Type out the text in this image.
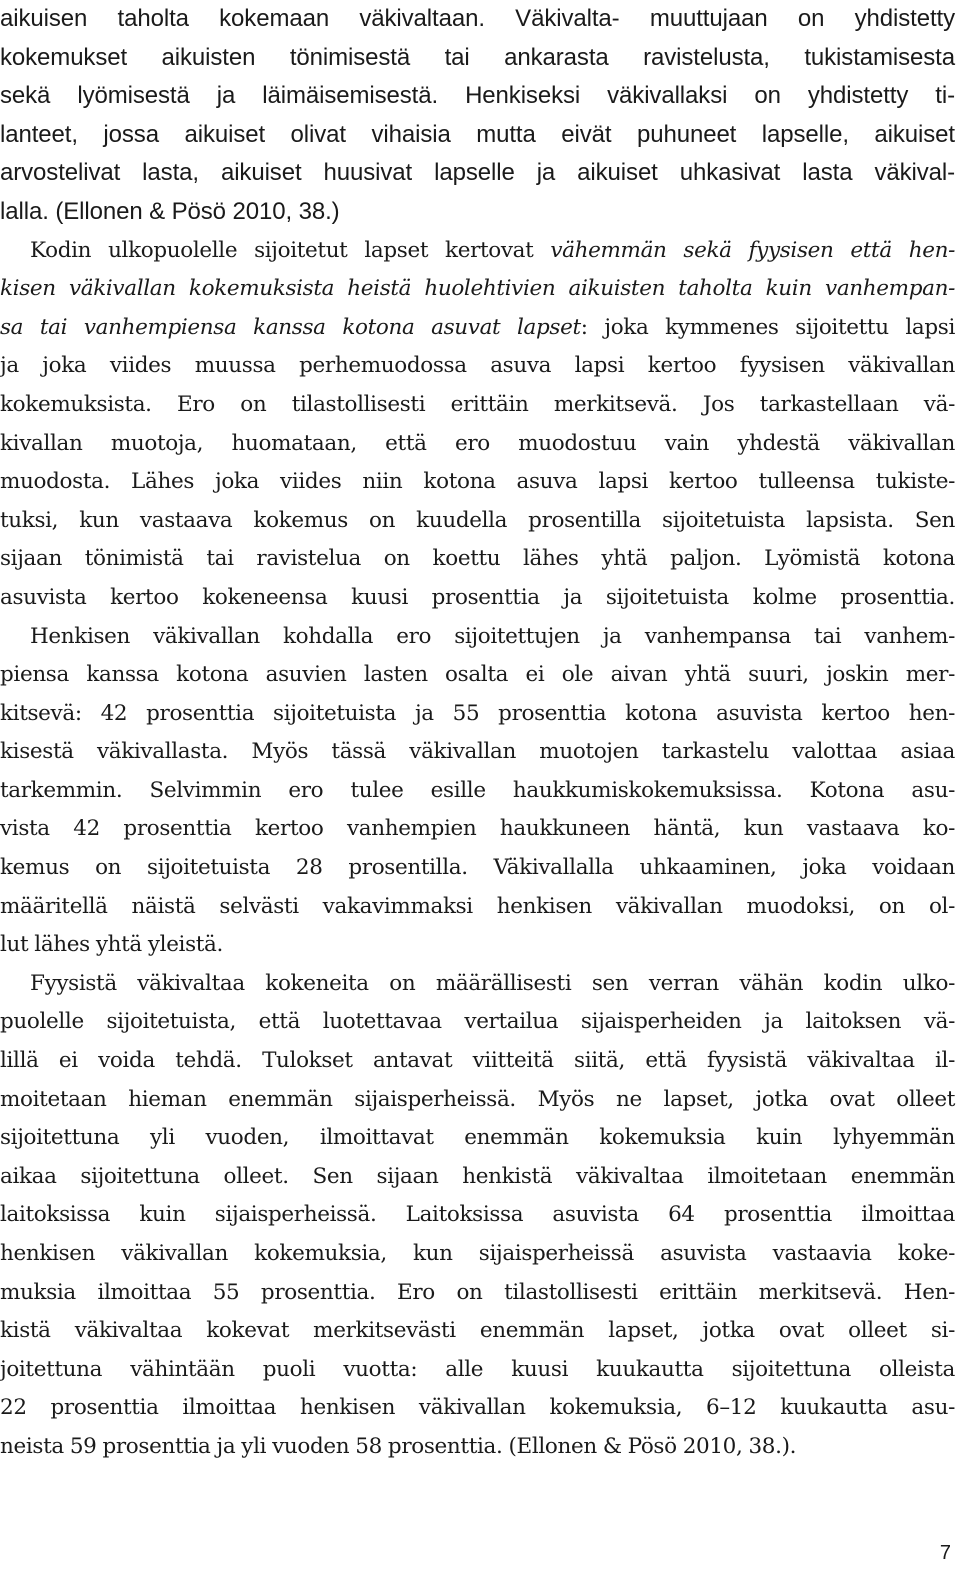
aikuisen taholta kokemaan väkivaltaan. Väkivalta- muuttujaan on yhdistetty
kokemukset aikuisten tönimisestä tai ankarasta ravistelusta, tukistamisesta
sekä lyömisestä ja läimäisemisestä. Henkiseksi väkivallaksi on yhdistetty ti-
lanteet, jossa aikuiset olivat vihaisia mutta eivät puhuneet lapselle, aikuiset
arvostelivat lasta, aikuiset huusivat lapselle ja aikuiset uhkasivat lasta väkival-
lalla. (Ellonen & Pösö 2010, 38.)
Kodin ulkopuolelle sijoitetut lapset kertovat vähemmän sekä fyysisen että hen-
kisen väkivallan kokemuksista heistä huolehtivien aikuisten taholta kuin vanhempan-
sa tai vanhempiensa kanssa kotona asuvat lapset: joka kymmenes sijoitettu lapsi
ja joka viides muussa perhemuodossa asuva lapsi kertoo fyysisen väkivallan
kokemuksista. Ero on tilastollisesti erittäin merkitsevä. Jos tarkastellaan vä-
kivallan muotoja, huomataan, että ero muodostuu vain yhdestä väkivallan
muodosta. Lähes joka viides niin kotona asuva lapsi kertoo tulleensa tukiste-
tuksi, kun vastaava kokemus on kuudella prosentilla sijoitetuista lapsista. Sen
sijaan tönimistä tai ravistelua on koettu lähes yhtä paljon. Lyömistä kotona
asuvista kertoo kokeneensa kuusi prosenttia ja sijoitetuista kolme prosenttia.
Henkisen väkivallan kohdalla ero sijoitettujen ja vanhempansa tai vanhem-
piensa kanssa kotona asuvien lasten osalta ei ole aivan yhtä suuri, joskin mer-
kitsevä: 42 prosenttia sijoitetuista ja 55 prosenttia kotona asuvista kertoo hen-
kisestä väkivallasta. Myös tässä väkivallan muotojen tarkastelu valottaa asiaa
tarkemmin. Selvimmin ero tulee esille haukkumiskokemuksissa. Kotona asu-
vista 42 prosenttia kertoo vanhempien haukkuneen häntä, kun vastaava ko-
kemus on sijoitetuista 28 prosentilla. Väkivallalla uhkaaminen, joka voidaan
määritellä näistä selvästi vakavimmaksi henkisen väkivallan muodoksi, on ol-
lut lähes yhtä yleistä.
Fyysistä väkivaltaa kokeneita on määrällisesti sen verran vähän kodin ulko-
puolelle sijoitetuista, että luotettavaa vertailua sijaisperheiden ja laitoksen vä-
lillä ei voida tehdä. Tulokset antavat viitteitä siitä, että fyysistä väkivaltaa il-
moitetaan hieman enemmän sijaisperheissä. Myös ne lapset, jotka ovat olleet
sijoitettuna yli vuoden, ilmoittavat enemmän kokemuksia kuin lyhyemmän
aikaa sijoitettuna olleet. Sen sijaan henkistä väkivaltaa ilmoitetaan enemmän
laitoksissa kuin sijaisperheissä. Laitoksissa asuvista 64 prosenttia ilmoittaa
henkisen väkivallan kokemuksia, kun sijaisperheissä asuvista vastaavia koke-
muksia ilmoittaa 55 prosenttia. Ero on tilastollisesti erittäin merkitsevä. Hen-
kistä väkivaltaa kokevat merkitsevästi enemmän lapset, jotka ovat olleet si-
joitettuna vähintään puoli vuotta: alle kuusi kuukautta sijoitettuna olleista
22 prosenttia ilmoittaa henkisen väkivallan kokemuksia, 6–12 kuukautta asu-
neista 59 prosenttia ja yli vuoden 58 prosenttia. (Ellonen & Pösö 2010, 38.).
7
